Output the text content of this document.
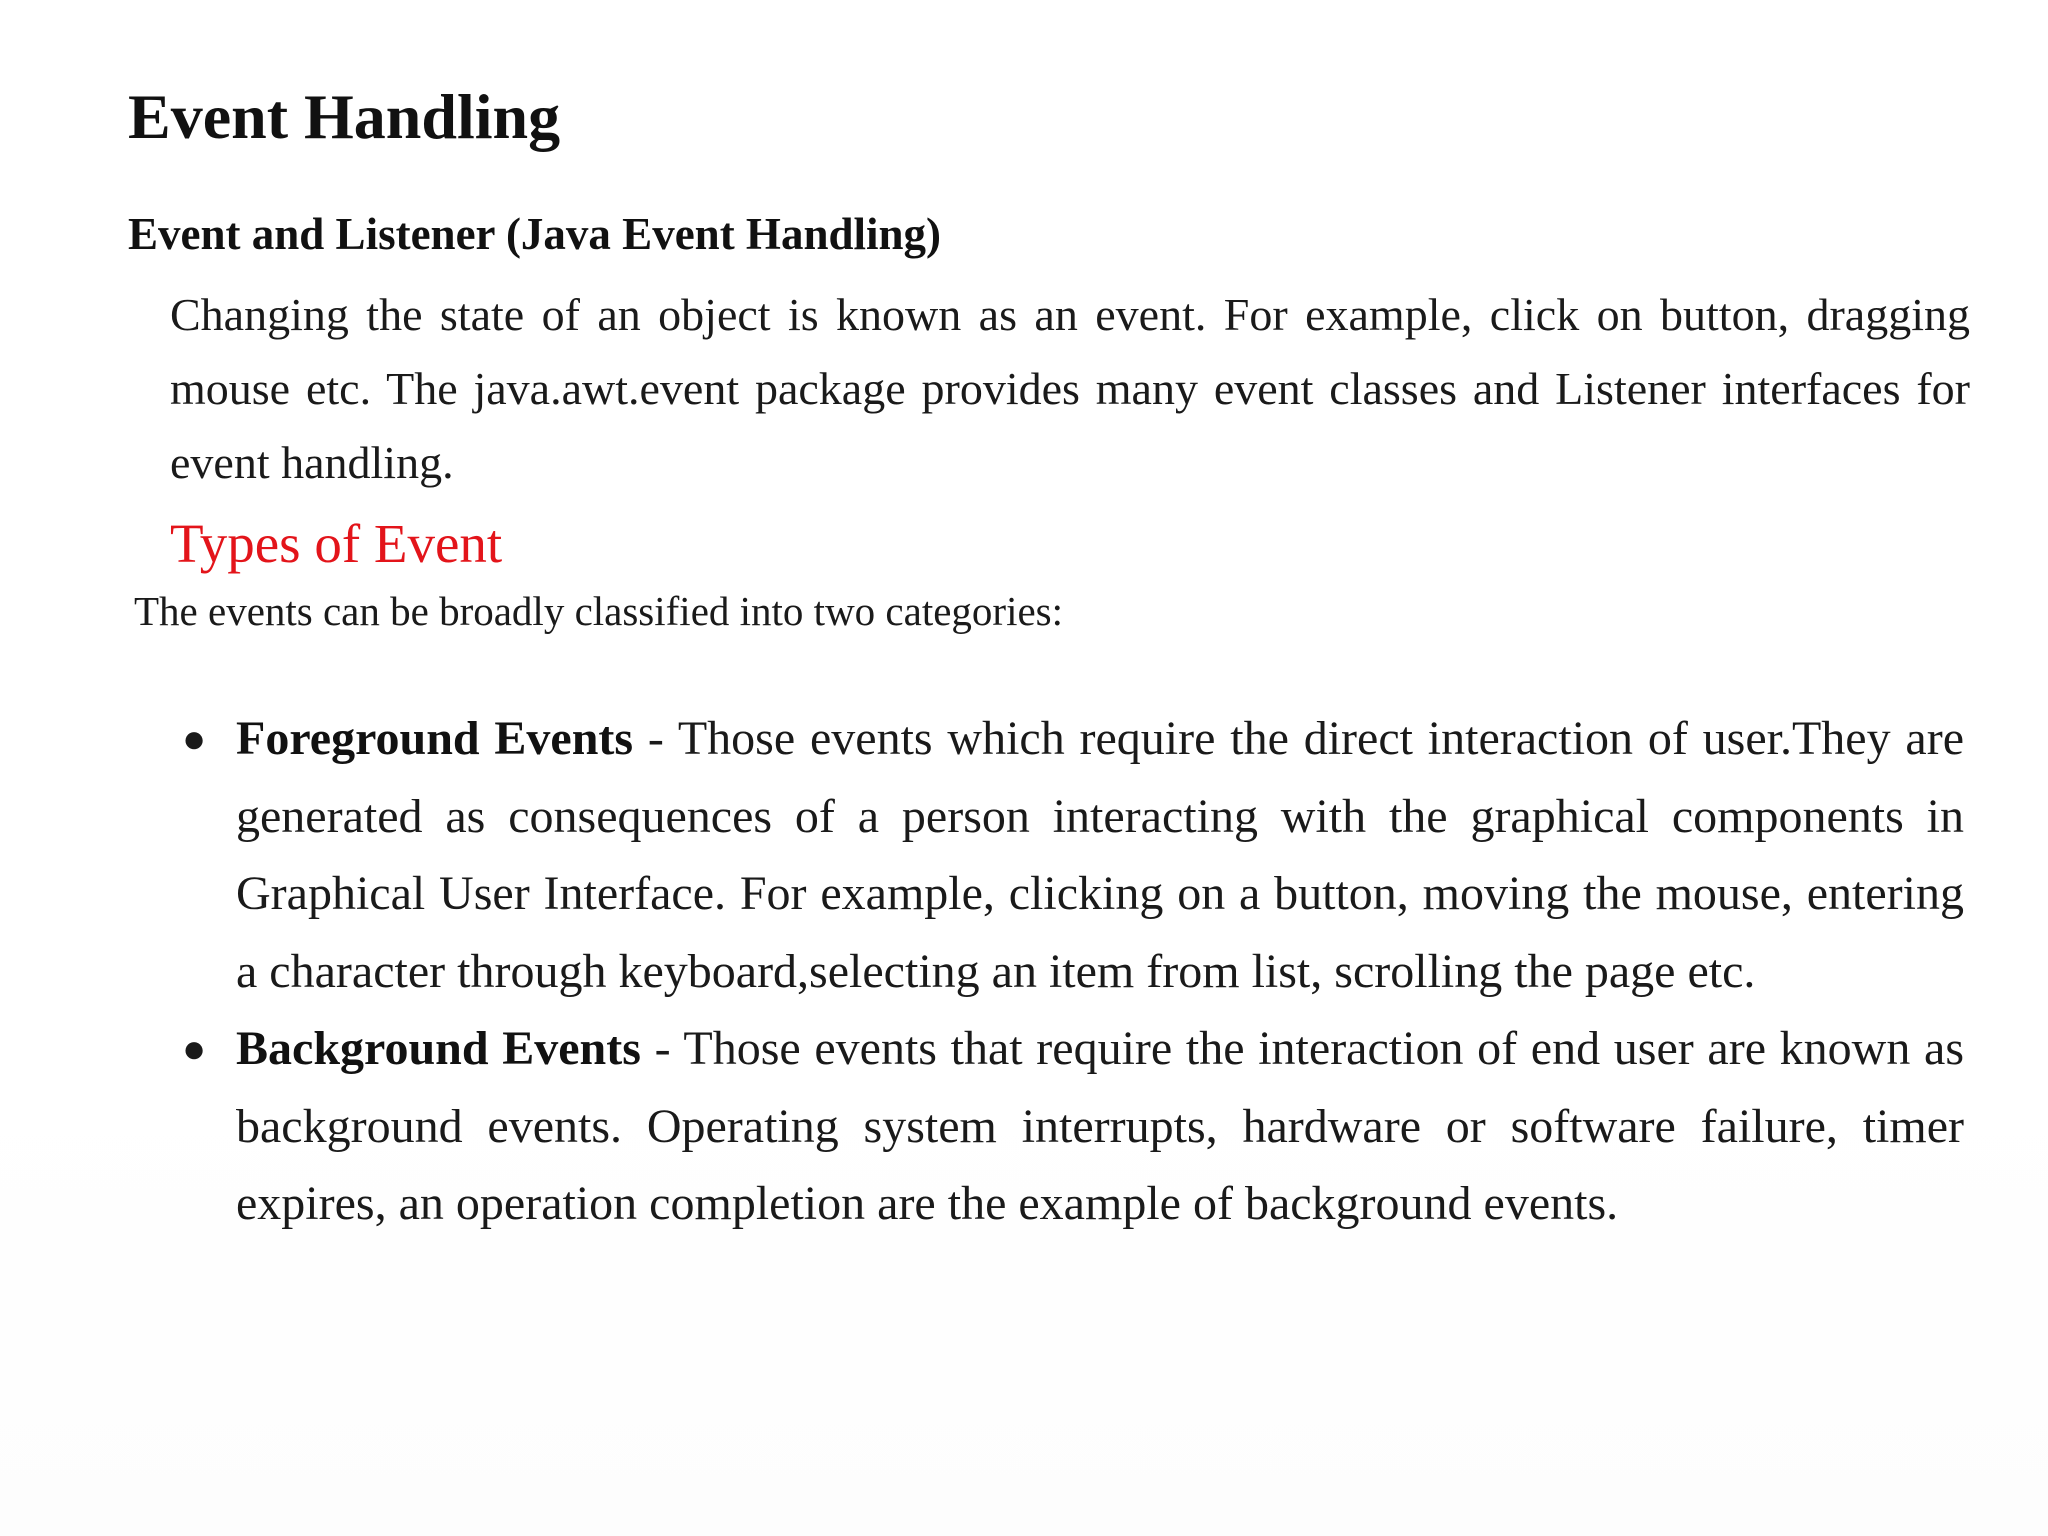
Event Handling
Event and Listener (Java Event Handling)

Changing the state of an object is known as an event. For example, click on button, dragging mouse etc. The java.awt.event package provides many event classes and Listener interfaces for event handling.

Types of Event

The events can be broadly classified into two categories:

● Foreground Events - Those events which require the direct interaction of user.They are generated as consequences of a person interacting with the graphical components in Graphical User Interface. For example, clicking on a button, moving the mouse, entering a character through keyboard,selecting an item from list, scrolling the page etc.
● Background Events - Those events that require the interaction of end user are known as background events. Operating system interrupts, hardware or software failure, timer expires, an operation completion are the example of background events.
